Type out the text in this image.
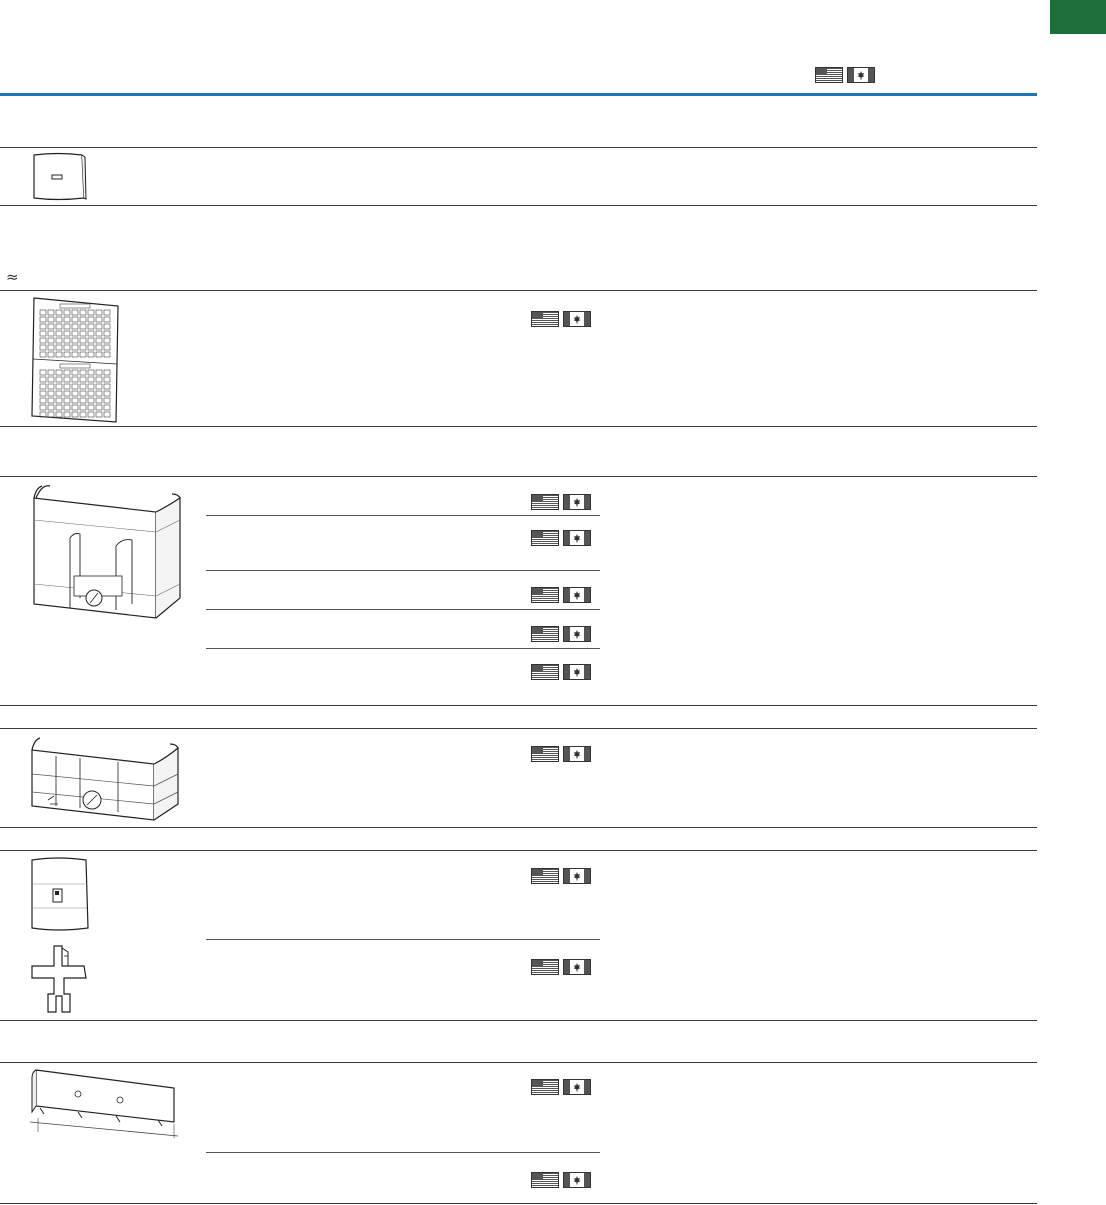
≈
